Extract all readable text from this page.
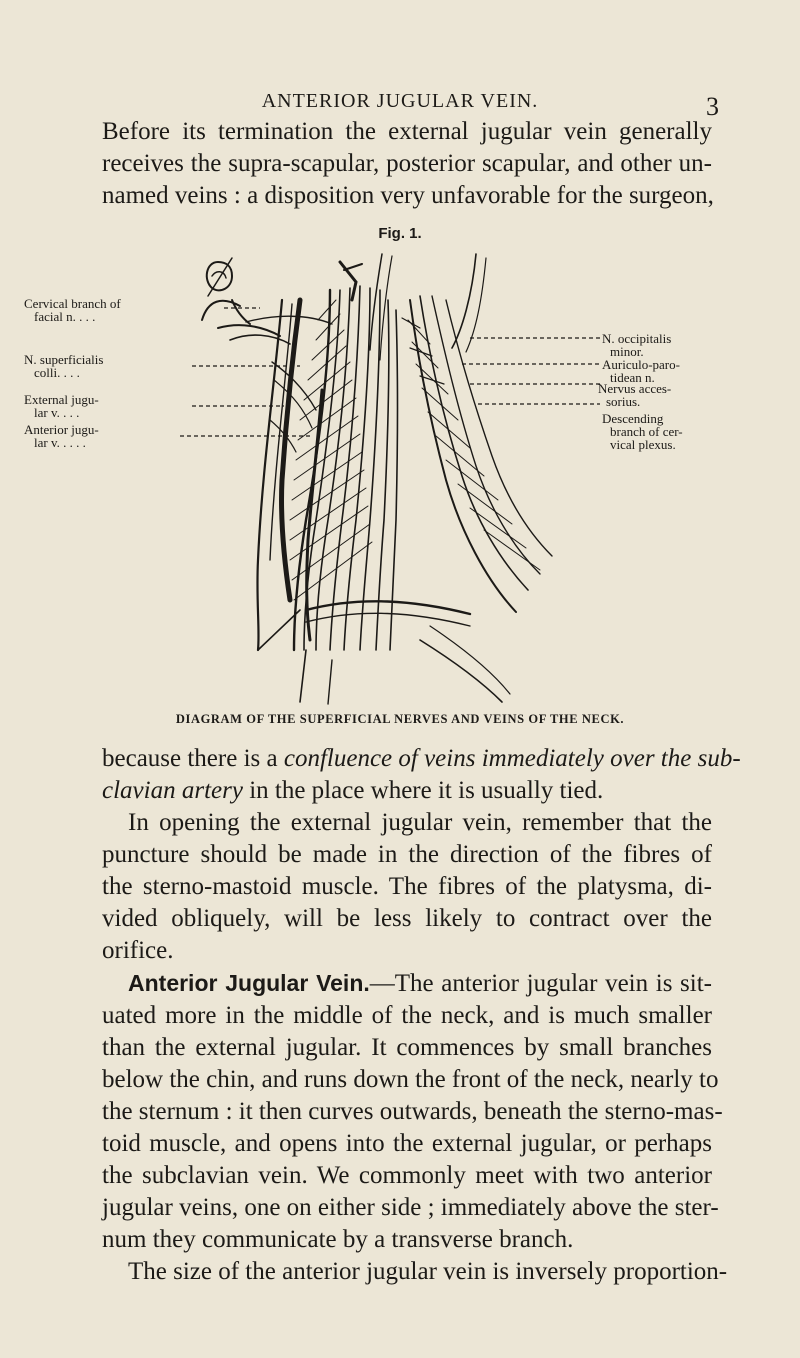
ANTERIOR JUGULAR VEIN.	3

Before its termination the external jugular vein generally
receives the supra-scapular, posterior scapular, and other un-
named veins : a disposition very unfavorable for the surgeon,

Fig. 1.
Cervical branch of
facial n. . . .
N. superficialis
colli. . . .
External jugu-
lar v. . . .
Anterior jugu-
lar v. . . . .
N. occipitalis
minor.
Auriculo-paro-
tidean n.
Nervus acces-
sorius.
Descending
branch of cer-
vical plexus.
DIAGRAM OF THE SUPERFICIAL NERVES AND VEINS OF THE NECK.

because there is a confluence of veins immediately over the sub-
clavian artery in the place where it is usually tied.
In opening the external jugular vein, remember that the
puncture should be made in the direction of the fibres of
the sterno-mastoid muscle. The fibres of the platysma, di-
vided obliquely, will be less likely to contract over the
orifice.

Anterior Jugular Vein.—The anterior jugular vein is sit-
uated more in the middle of the neck, and is much smaller
than the external jugular. It commences by small branches
below the chin, and runs down the front of the neck, nearly to
the sternum : it then curves outwards, beneath the sterno-mas-
toid muscle, and opens into the external jugular, or perhaps
the subclavian vein. We commonly meet with two anterior
jugular veins, one on either side ; immediately above the ster-
num they communicate by a transverse branch.
The size of the anterior jugular vein is inversely proportion-
